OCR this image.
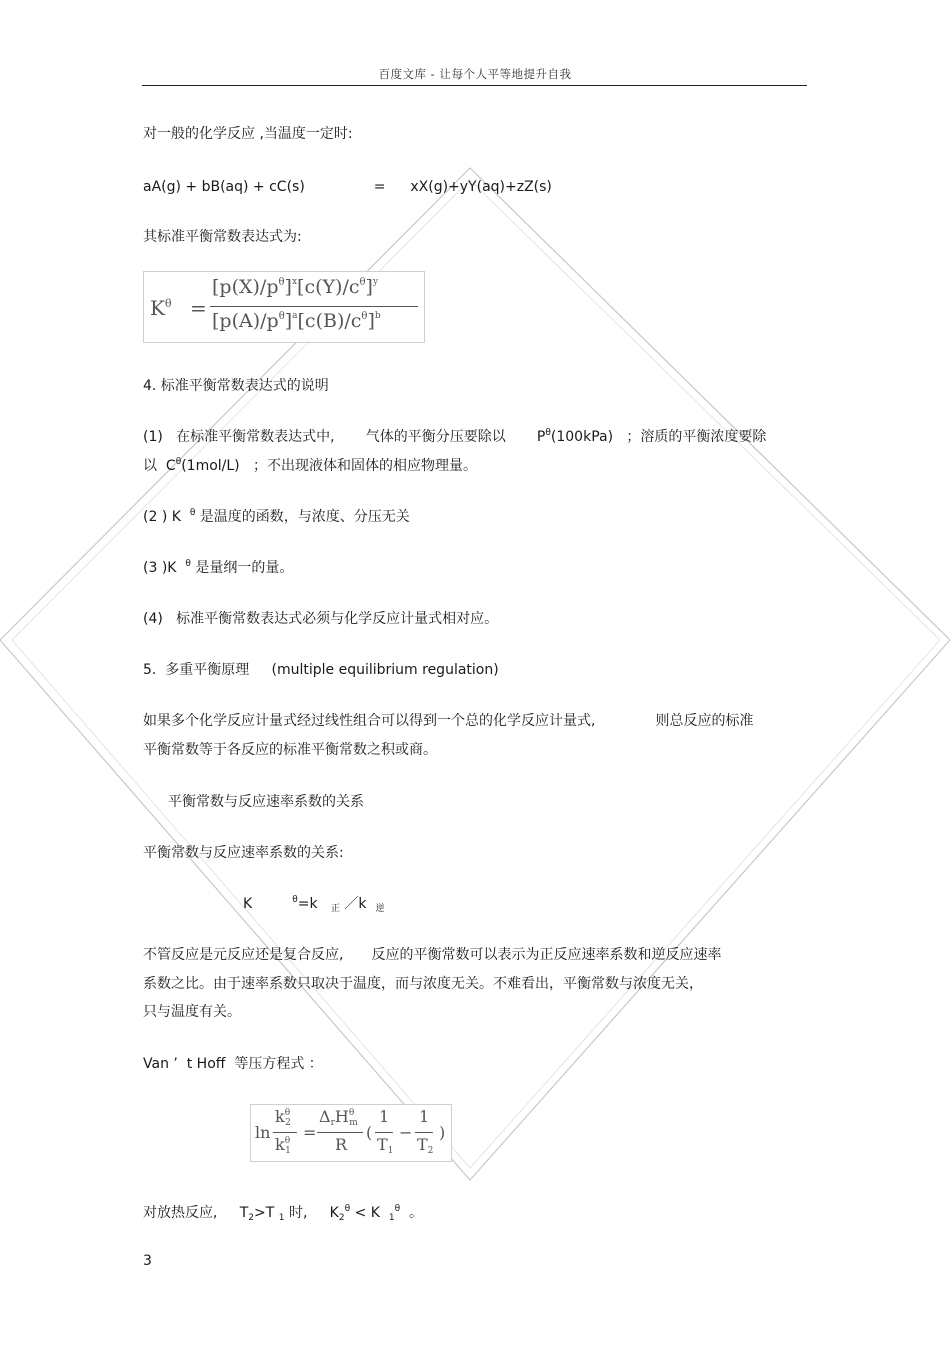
百度文库 - 让每个人平等地提升自我
对一般的化学反应 ,当温度一定时:
aA(g) + bB(aq) + cC(s)	= xX(g)+yY(aq)+zZ(s)
其标准平衡常数表达式为:
$K^\theta$ =
$[p(X)/p^\theta]^x[c(Y)/c^\theta]^y$
$[p(A)/p^\theta]^a[c(B)/c^\theta]^b$
4. 标准平衡常数表达式的说明
(1)   在标准平衡常数表达式中,       气体的平衡分压要除以       $P^\theta(100kPa)$   ；溶质的平衡浓度要除
以  $C^\theta(1mol/L)$   ；不出现液体和固体的相应物理量。
(2 ) K $^\theta$ 是温度的函数，与浓度、分压无关
(3 )K $^\theta$ 是量纲一的量。
(4)   标准平衡常数表达式必须与化学反应计量式相对应。
5.  多重平衡原理     (multiple equilibrium regulation)
如果多个化学反应计量式经过线性组合可以得到一个总的化学反应计量式,	则总反应的标准
平衡常数等于各反应的标准平衡常数之积或商。
平衡常数与反应速率系数的关系
平衡常数与反应速率系数的关系:
K	$^\theta$=k $_正$ ／k $_逆$
不管反应是元反应还是复合反应, 反应的平衡常数可以表示为正反应速率系数和逆反应速率
系数之比。由于速率系数只取决于温度，而与浓度无关。不难看出，平衡常数与浓度无关，
只与温度有关。
Van ’  t Hoff  等压方程式 ：
ln
$k^\theta 2$
$k^\theta 1$
=
ΔrH$^\theta$m
R
(
1
T1
−
1
T2
)
对放热反应, $T_2>T$ $_1$ 时, $K_2^\theta < K$ $_1^\theta$ 。
3
